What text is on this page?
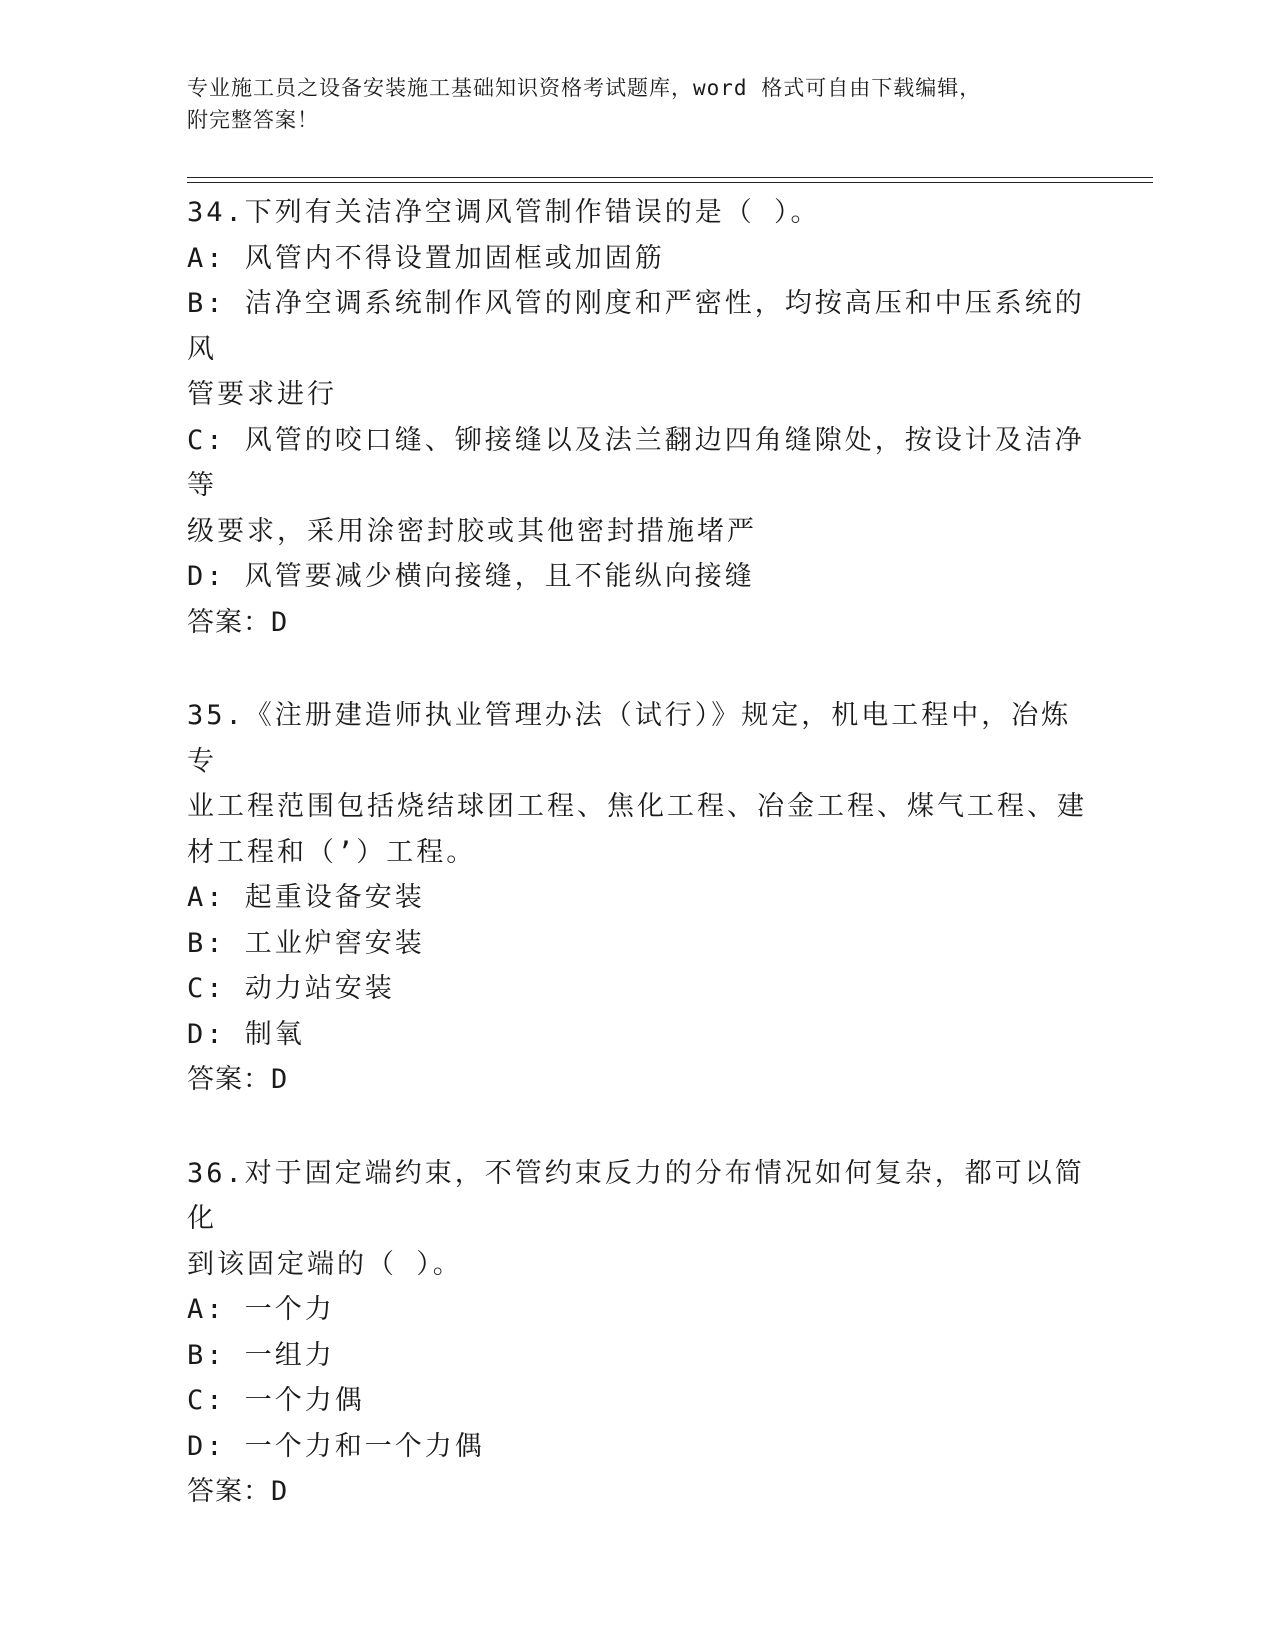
专业施工员之设备安装施工基础知识资格考试题库，word 格式可自由下载编辑，
附完整答案！

34.下列有关洁净空调风管制作错误的是（ ）。

A: 风管内不得设置加固框或加固筋

B: 洁净空调系统制作风管的刚度和严密性，均按高压和中压系统的风

管要求进行

C: 风管的咬口缝、铆接缝以及法兰翻边四角缝隙处，按设计及洁净等

级要求，采用涂密封胶或其他密封措施堵严

D: 风管要减少横向接缝，且不能纵向接缝

答案：D

35.《注册建造师执业管理办法（试行）》规定，机电工程中，冶炼专

业工程范围包括烧结球团工程、焦化工程、冶金工程、煤气工程、建

材工程和（’）工程。

A: 起重设备安装

B: 工业炉窖安装

C: 动力站安装

D: 制氧

答案：D

36.对于固定端约束，不管约束反力的分布情况如何复杂，都可以简化

到该固定端的（ ）。

A: 一个力

B: 一组力

C: 一个力偶

D: 一个力和一个力偶

答案：D
